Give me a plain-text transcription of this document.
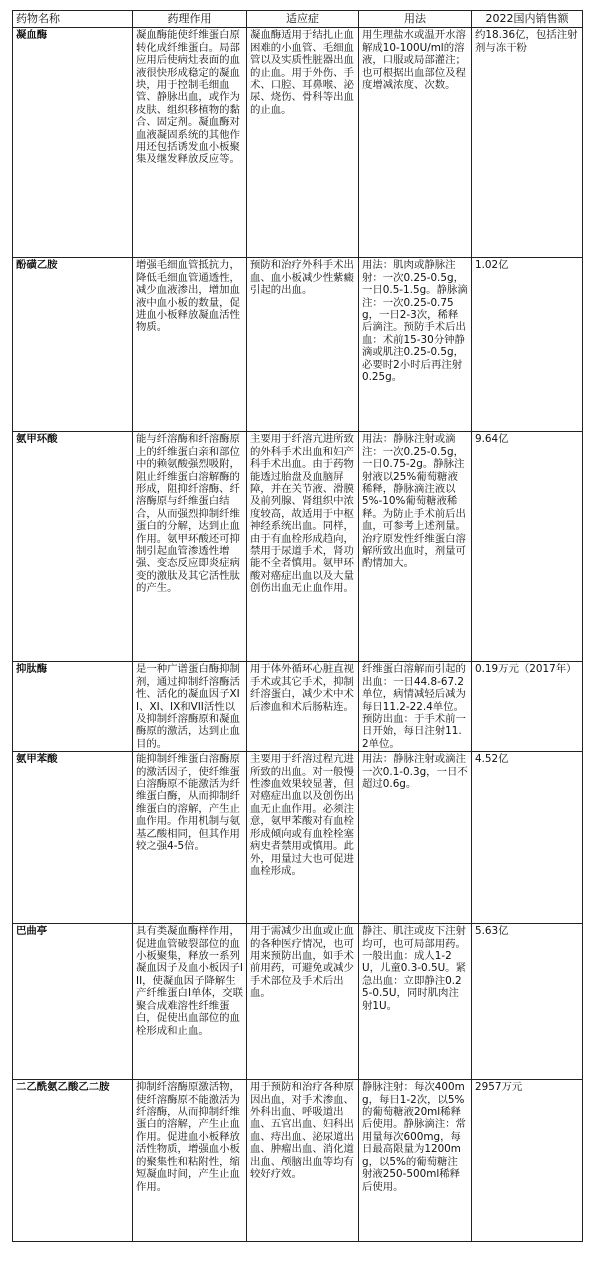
药物名称	药理作用	适应症	用法	2022国内销售额
凝血酶	凝血酶能使纤维蛋白原转化成纤维蛋白。局部应用后使病灶表面的血液很快形成稳定的凝血块，用于控制毛细血管、静脉出血，或作为皮肤、组织移植物的黏合、固定剂。凝血酶对血液凝固系统的其他作用还包括诱发血小板聚集及继发释放反应等。	凝血酶适用于结扎止血困难的小血管、毛细血管以及实质性脏器出血的止血。用于外伤、手术、口腔、耳鼻喉、泌尿、烧伤、骨科等出血的止血。	用生理盐水或温开水溶解成10-100U/ml的溶液，口服或局部灌注；也可根据出血部位及程度增减浓度、次数。	约18.36亿，包括注射剂与冻干粉
酚磺乙胺	增强毛细血管抵抗力，降低毛细血管通透性，减少血液渗出，增加血液中血小板的数量，促进血小板释放凝血活性物质。	预防和治疗外科手术出血、血小板减少性紫癜引起的出血。	用法：肌肉或静脉注射：一次0.25-0.5g，一日0.5-1.5g。静脉滴注：一次0.25-0.75g，一日2-3次，稀释后滴注。预防手术后出血：术前15-30分钟静滴或肌注0.25-0.5g，必要时2小时后再注射0.25g。	1.02亿
氨甲环酸	能与纤溶酶和纤溶酶原上的纤维蛋白亲和部位中的赖氨酸强烈吸附，阻止纤维蛋白溶解酶的形成，阻抑纤溶酶、纤溶酶原与纤维蛋白结合，从而强烈抑制纤维蛋白的分解，达到止血作用。氨甲环酸还可抑制引起血管渗透性增强、变态反应即炎症病变的激肽及其它活性肽的产生。	主要用于纤溶亢进所致的外科手术出血和妇产科手术出血。由于药物能透过胎盘及血脑屏障，并在关节液、滑膜及前列腺、肾组织中浓度较高，故适用于中枢神经系统出血。同样，由于有血栓形成趋向，禁用于尿道手术，肾功能不全者慎用。氨甲环酸对癌症出血以及大量创伤出血无止血作用。	用法：静脉注射或滴注：一次0.25-0.5g，一日0.75-2g。静脉注射液以25%葡萄糖液稀释，静脉滴注液以5%-10%葡萄糖液稀释。为防止手术前后出血，可参考上述剂量。治疗原发性纤维蛋白溶解所致出血时，剂量可酌情加大。	9.64亿
抑肽酶	是一种广谱蛋白酶抑制剂，通过抑制纤溶酶活性、活化的凝血因子XII、XI、IX和VII活性以及抑制纤溶酶原和凝血酶原的激活，达到止血目的。	用于体外循环心脏直视手术或其它手术，抑制纤溶蛋白，减少术中术后渗血和术后肠粘连。	纤维蛋白溶解而引起的出血：一日44.8-67.2单位，病情减轻后减为每日11.2-22.4单位。预防出血：于手术前一日开始，每日注射11.2单位。	0.19万元（2017年）
氨甲苯酸	能抑制纤维蛋白溶酶原的激活因子，使纤维蛋白溶酶原不能激活为纤维蛋白酶，从而抑制纤维蛋白的溶解，产生止血作用。作用机制与氨基乙酸相同，但其作用较之强4-5倍。	主要用于纤溶过程亢进所致的出血。对一般慢性渗血效果较显著，但对癌症出血以及创伤出血无止血作用。必须注意，氨甲苯酸对有血栓形成倾向或有血栓栓塞病史者禁用或慎用。此外，用量过大也可促进血栓形成。	用法：静脉注射或滴注一次0.1-0.3g，一日不超过0.6g。	4.52亿
巴曲亭	具有类凝血酶样作用，促进血管破裂部位的血小板聚集，释放一系列凝血因子及血小板因子III，使凝血因子降解生产纤维蛋白I单体，交联聚合成难溶性纤维蛋白，促使出血部位的血栓形成和止血。	用于需减少出血或止血的各种医疗情况，也可用来预防出血，如手术前用药，可避免或减少手术部位及手术后出血。	静注、肌注或皮下注射均可，也可局部用药。一般出血：成人1-2U，儿童0.3-0.5U。紧急出血：立即静注0.25-0.5U，同时肌肉注射1U。	5.63亿
二乙酰氨乙酸乙二胺	抑制纤溶酶原激活物，使纤溶酶原不能激活为纤溶酶，从而抑制纤维蛋白的溶解，产生止血作用。促进血小板释放活性物质，增强血小板的聚集性和粘附性，缩短凝血时间，产生止血作用。	用于预防和治疗各种原因出血，对手术渗血、外科出血、呼吸道出血、五官出血、妇科出血、痔出血、泌尿道出血、肿瘤出血、消化道出血、颅脑出血等均有较好疗效。	静脉注射：每次400mg，每日1-2次，以5%的葡萄糖液20ml稀释后使用。静脉滴注：常用量每次600mg，每日最高限量为1200mg，以5%的葡萄糖注射液250-500ml稀释后使用。	2957万元
